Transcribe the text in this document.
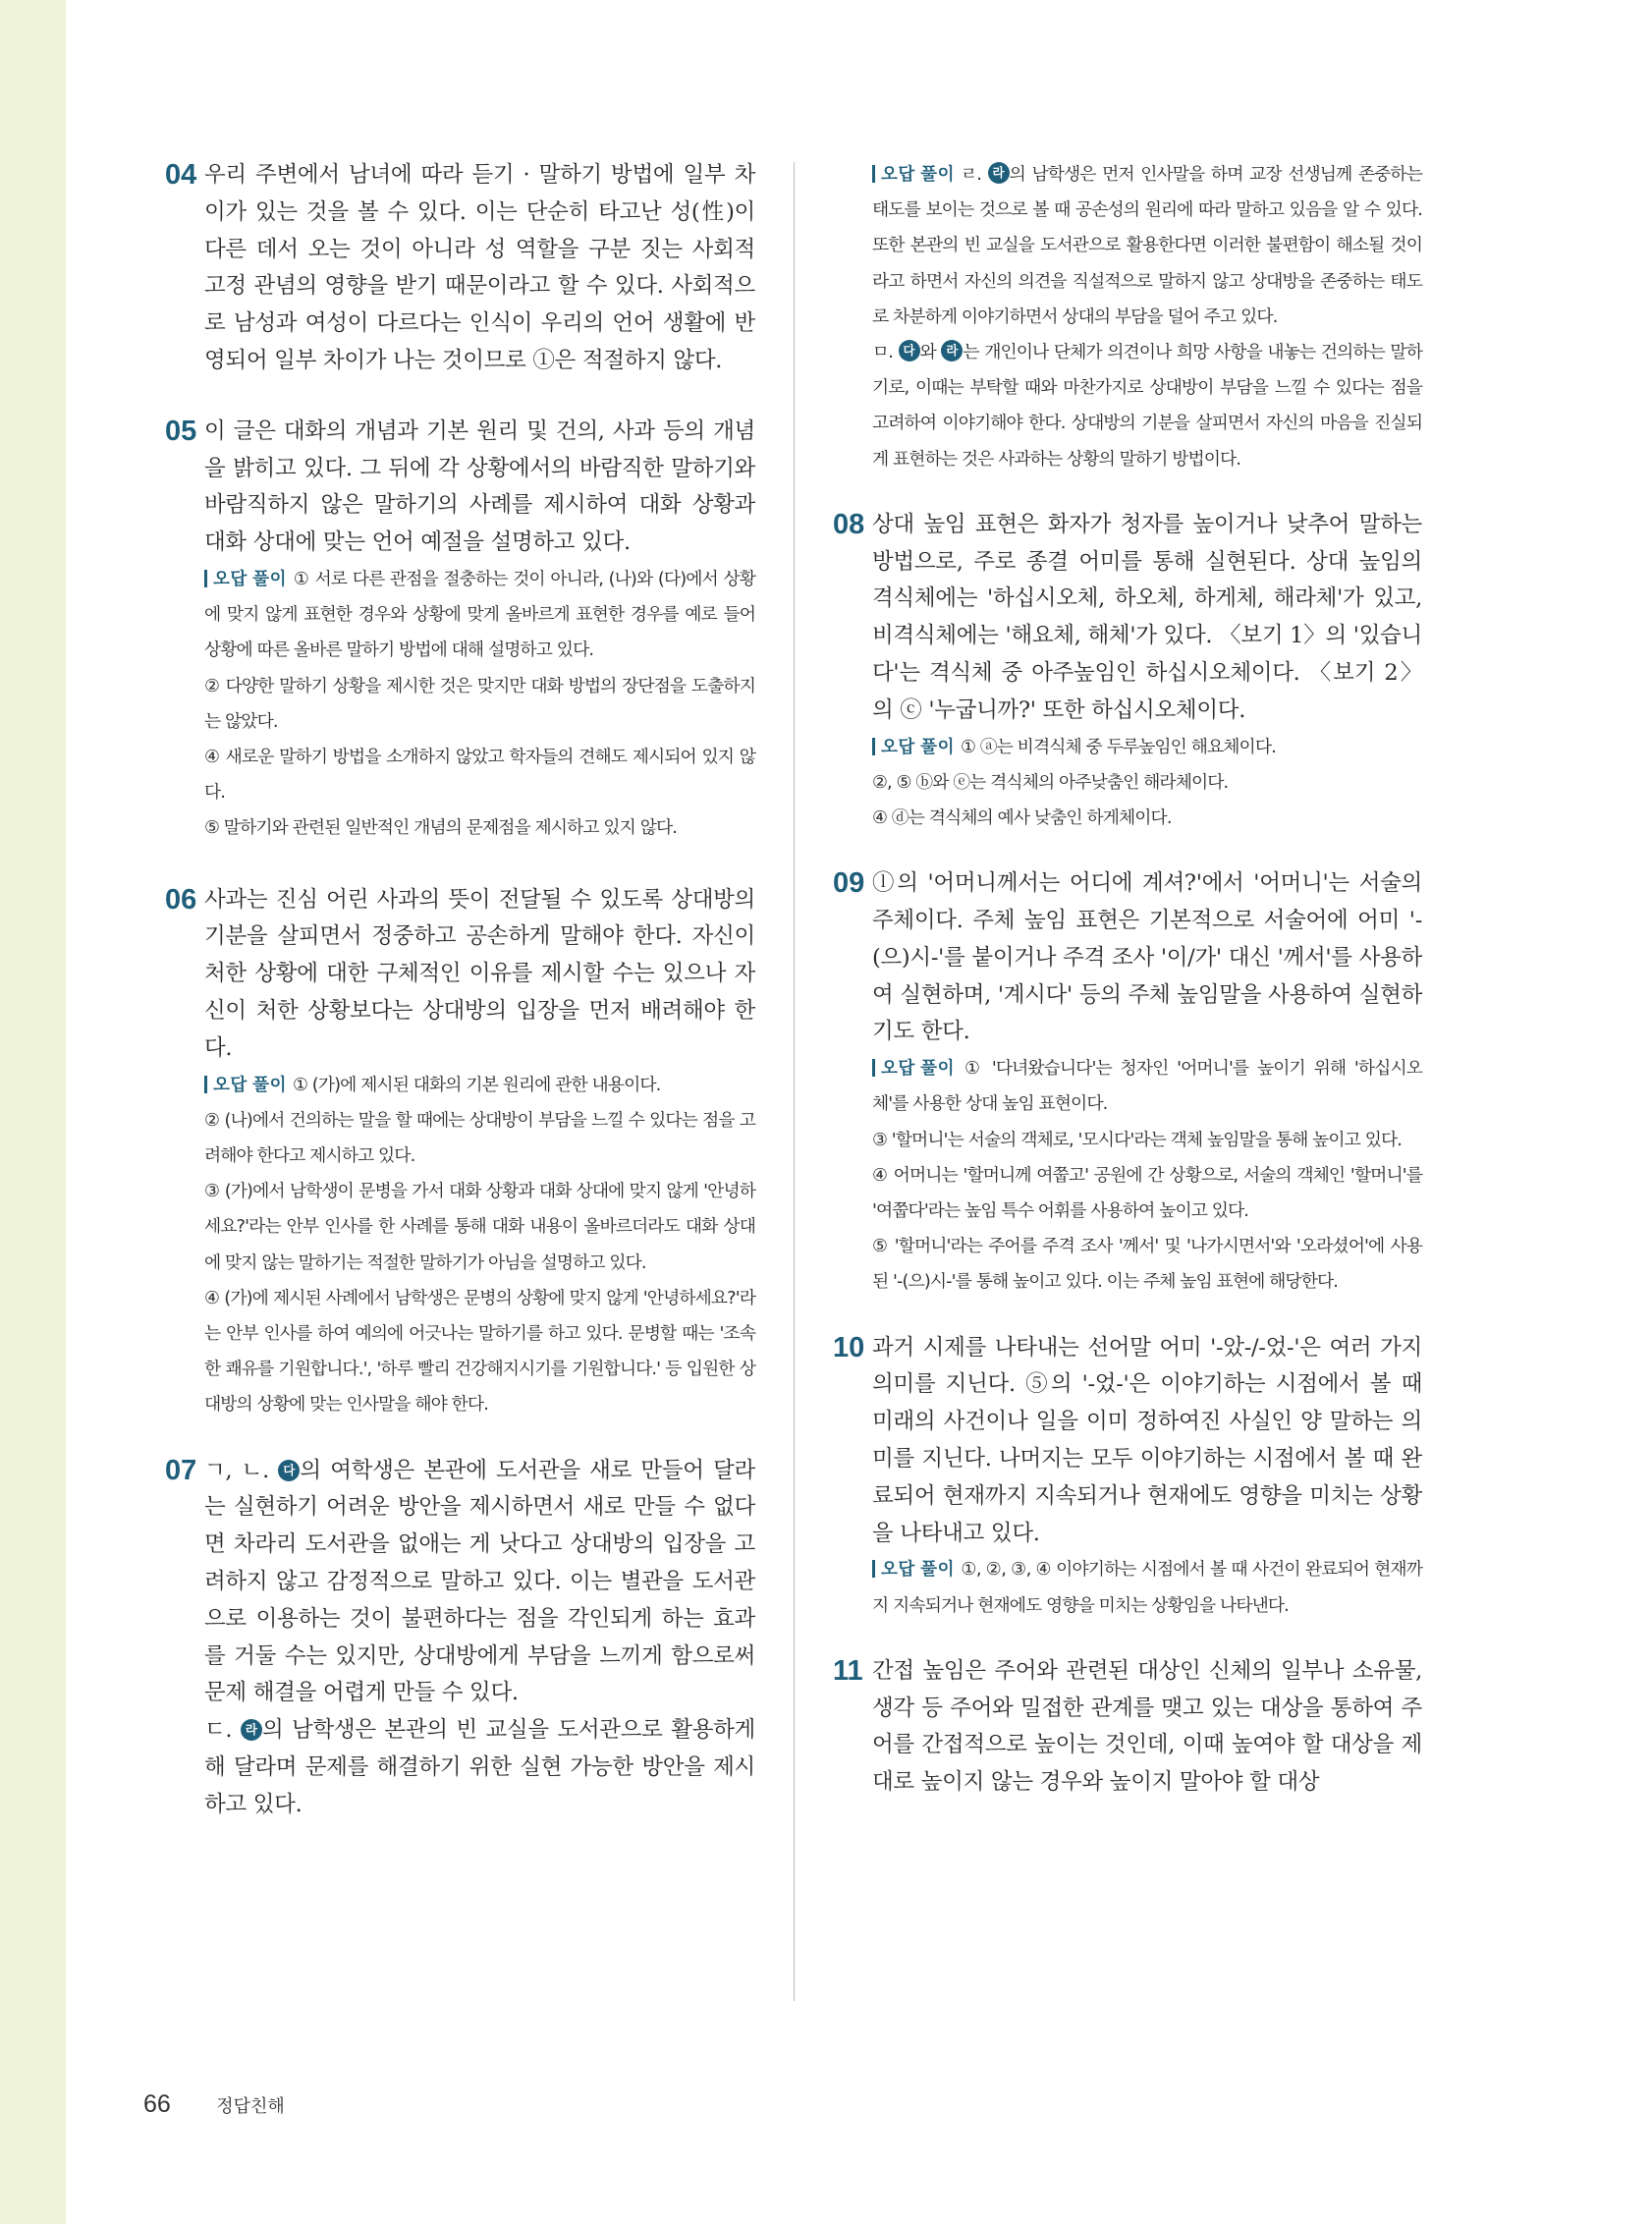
04 우리 주변에서 남녀에 따라 듣기 · 말하기 방법에 일부 차이가 있는 것을 볼 수 있다. 이는 단순히 타고난 성(性)이 다른 데서 오는 것이 아니라 성 역할을 구분 짓는 사회적 고정 관념의 영향을 받기 때문이라고 할 수 있다. 사회적으로 남성과 여성이 다르다는 인식이 우리의 언어 생활에 반영되어 일부 차이가 나는 것이므로 ①은 적절하지 않다.

05 이 글은 대화의 개념과 기본 원리 및 건의, 사과 등의 개념을 밝히고 있다. 그 뒤에 각 상황에서의 바람직한 말하기와 바람직하지 않은 말하기의 사례를 제시하여 대화 상황과 대화 상대에 맞는 언어 예절을 설명하고 있다.

오답 풀이 ① 서로 다른 관점을 절충하는 것이 아니라, (나)와 (다)에서 상황에 맞지 않게 표현한 경우와 상황에 맞게 올바르게 표현한 경우를 예로 들어 상황에 따른 올바른 말하기 방법에 대해 설명하고 있다.

② 다양한 말하기 상황을 제시한 것은 맞지만 대화 방법의 장단점을 도출하지는 않았다.

④ 새로운 말하기 방법을 소개하지 않았고 학자들의 견해도 제시되어 있지 않다.

⑤ 말하기와 관련된 일반적인 개념의 문제점을 제시하고 있지 않다.

06 사과는 진심 어린 사과의 뜻이 전달될 수 있도록 상대방의 기분을 살피면서 정중하고 공손하게 말해야 한다. 자신이 처한 상황에 대한 구체적인 이유를 제시할 수는 있으나 자신이 처한 상황보다는 상대방의 입장을 먼저 배려해야 한다.

오답 풀이 ① (가)에 제시된 대화의 기본 원리에 관한 내용이다.

② (나)에서 건의하는 말을 할 때에는 상대방이 부담을 느낄 수 있다는 점을 고려해야 한다고 제시하고 있다.

③ (가)에서 남학생이 문병을 가서 대화 상황과 대화 상대에 맞지 않게 '안녕하세요?'라는 안부 인사를 한 사례를 통해 대화 내용이 올바르더라도 대화 상대에 맞지 않는 말하기는 적절한 말하기가 아님을 설명하고 있다.

④ (가)에 제시된 사례에서 남학생은 문병의 상황에 맞지 않게 '안녕하세요?'라는 안부 인사를 하여 예의에 어긋나는 말하기를 하고 있다. 문병할 때는 '조속한 쾌유를 기원합니다.', '하루 빨리 건강해지시기를 기원합니다.' 등 입원한 상대방의 상황에 맞는 인사말을 해야 한다.

07 ㄱ, ㄴ. 다 의 여학생은 본관에 도서관을 새로 만들어 달라는 실현하기 어려운 방안을 제시하면서 새로 만들 수 없다면 차라리 도서관을 없애는 게 낫다고 상대방의 입장을 고려하지 않고 감정적으로 말하고 있다. 이는 별관을 도서관으로 이용하는 것이 불편하다는 점을 각인되게 하는 효과를 거둘 수는 있지만, 상대방에게 부담을 느끼게 함으로써 문제 해결을 어렵게 만들 수 있다.

ㄷ. 라 의 남학생은 본관의 빈 교실을 도서관으로 활용하게 해 달라며 문제를 해결하기 위한 실현 가능한 방안을 제시하고 있다.

오답 풀이 ㄹ. 라 의 남학생은 먼저 인사말을 하며 교장 선생님께 존중하는 태도를 보이는 것으로 볼 때 공손성의 원리에 따라 말하고 있음을 알 수 있다. 또한 본관의 빈 교실을 도서관으로 활용한다면 이러한 불편함이 해소될 것이라고 하면서 자신의 의견을 직설적으로 말하지 않고 상대방을 존중하는 태도로 차분하게 이야기하면서 상대의 부담을 덜어 주고 있다.

ㅁ. 다 와 라 는 개인이나 단체가 의견이나 희망 사항을 내놓는 건의하는 말하기로, 이때는 부탁할 때와 마찬가지로 상대방이 부담을 느낄 수 있다는 점을 고려하여 이야기해야 한다. 상대방의 기분을 살피면서 자신의 마음을 진실되게 표현하는 것은 사과하는 상황의 말하기 방법이다.

08 상대 높임 표현은 화자가 청자를 높이거나 낮추어 말하는 방법으로, 주로 종결 어미를 통해 실현된다. 상대 높임의 격식체에는 '하십시오체, 하오체, 하게체, 해라체'가 있고, 비격식체에는 '해요체, 해체'가 있다. 〈보기 1〉의 '있습니다'는 격식체 중 아주높임인 하십시오체이다. 〈보기 2〉의 ⓒ '누굽니까?' 또한 하십시오체이다.

오답 풀이 ① ⓐ는 비격식체 중 두루높임인 해요체이다.

②, ⑤ ⓑ와 ⓔ는 격식체의 아주낮춤인 해라체이다.

④ ⓓ는 격식체의 예사 낮춤인 하게체이다.

09 ⓛ의 '어머니께서는 어디에 계셔?'에서 '어머니'는 서술의 주체이다. 주체 높임 표현은 기본적으로 서술어에 어미 '-(으)시-'를 붙이거나 주격 조사 '이/가' 대신 '께서'를 사용하여 실현하며, '계시다' 등의 주체 높임말을 사용하여 실현하기도 한다.

오답 풀이 ① '다녀왔습니다'는 청자인 '어머니'를 높이기 위해 '하십시오체'를 사용한 상대 높임 표현이다.

③ '할머니'는 서술의 객체로, '모시다'라는 객체 높임말을 통해 높이고 있다.

④ 어머니는 '할머니께 여쭙고' 공원에 간 상황으로, 서술의 객체인 '할머니'를 '여쭙다'라는 높임 특수 어휘를 사용하여 높이고 있다.

⑤ '할머니'라는 주어를 주격 조사 '께서' 및 '나가시면서'와 '오라셨어'에 사용된 '-(으)시-'를 통해 높이고 있다. 이는 주체 높임 표현에 해당한다.

10 과거 시제를 나타내는 선어말 어미 '-았-/-었-'은 여러 가지 의미를 지닌다. ⑤의 '-었-'은 이야기하는 시점에서 볼 때 미래의 사건이나 일을 이미 정하여진 사실인 양 말하는 의미를 지닌다. 나머지는 모두 이야기하는 시점에서 볼 때 완료되어 현재까지 지속되거나 현재에도 영향을 미치는 상황을 나타내고 있다.

오답 풀이 ①, ②, ③, ④ 이야기하는 시점에서 볼 때 사건이 완료되어 현재까지 지속되거나 현재에도 영향을 미치는 상황임을 나타낸다.

11 간접 높임은 주어와 관련된 대상인 신체의 일부나 소유물, 생각 등 주어와 밀접한 관계를 맺고 있는 대상을 통하여 주어를 간접적으로 높이는 것인데, 이때 높여야 할 대상을 제대로 높이지 않는 경우와 높이지 말아야 할 대상

66	정답친해
